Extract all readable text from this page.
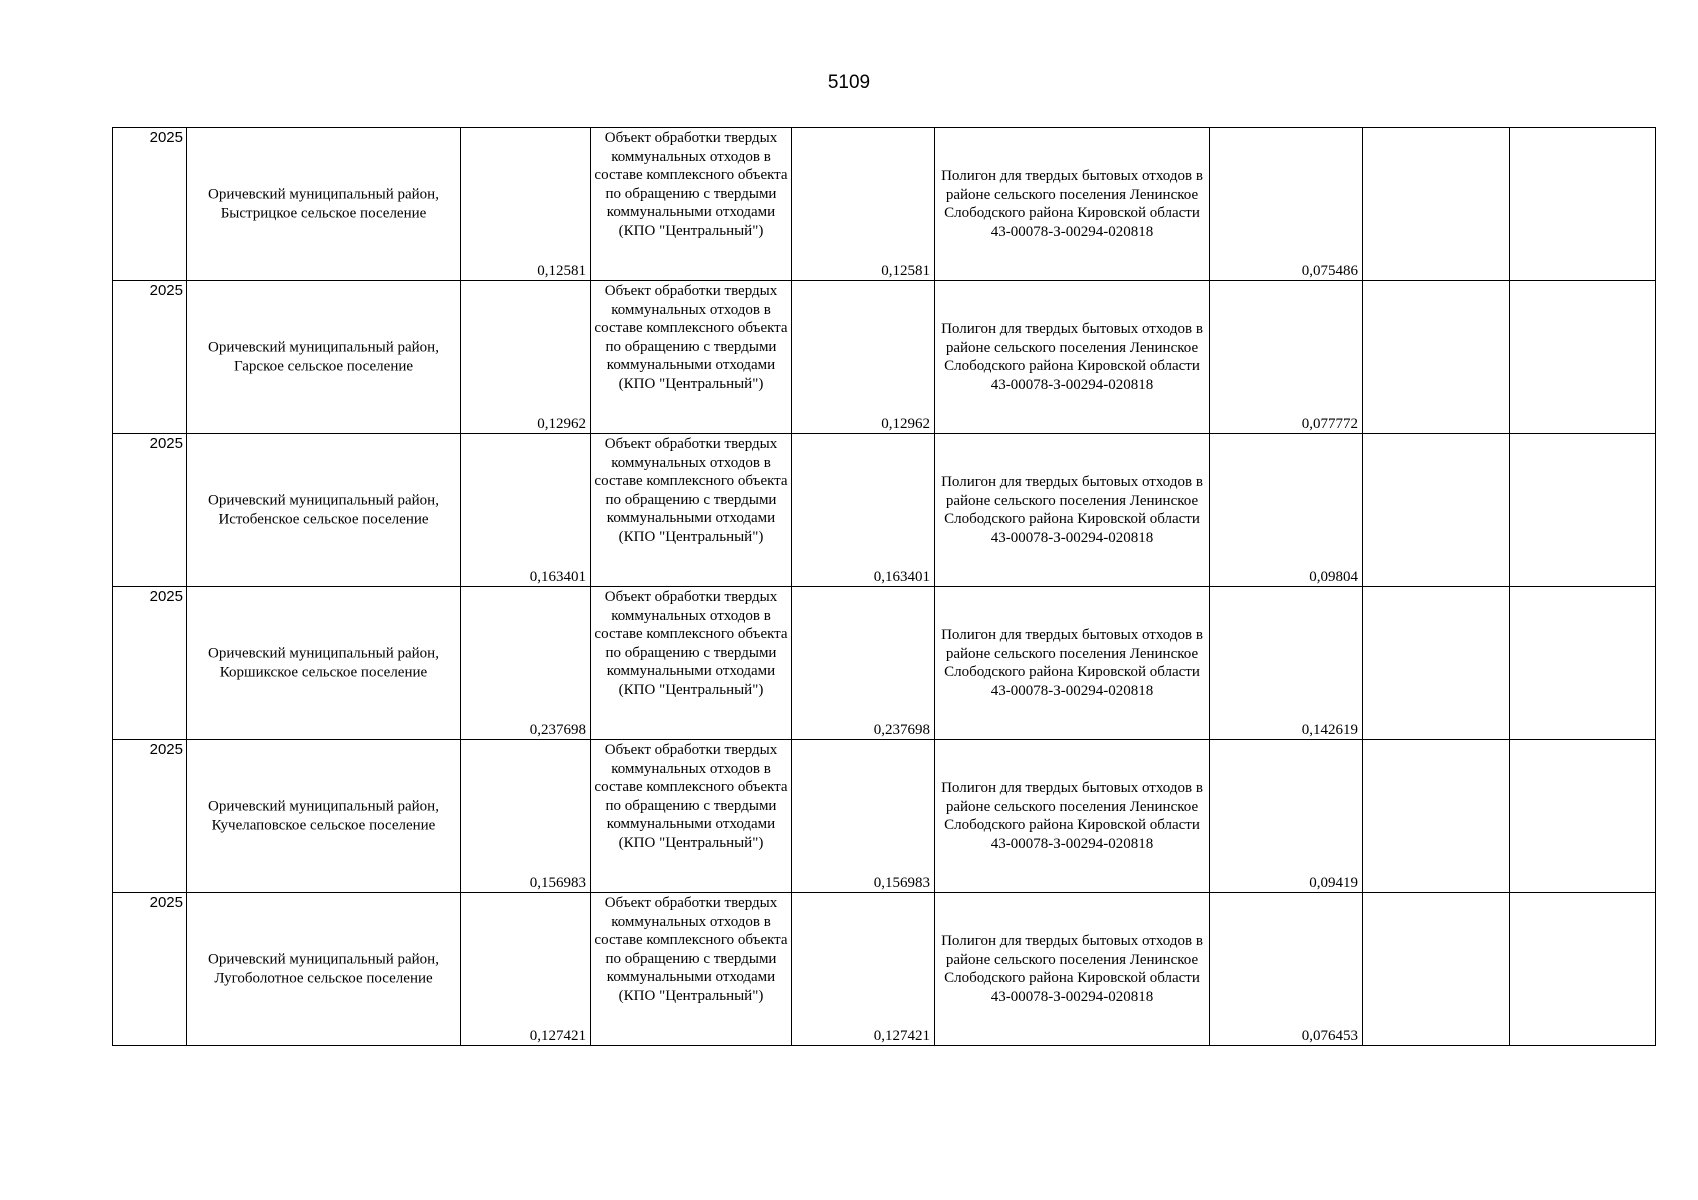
5109
2025	Оричевский муниципальный район, Быстрицкое сельское поселение	0,12581	Объект обработки твердых коммунальных отходов в составе комплексного объекта по обращению с твердыми коммунальными отходами (КПО "Центральный")	0,12581	Полигон для твердых бытовых отходов в районе сельского поселения Ленинское Слободского района Кировской области 43-00078-З-00294-020818	0,075486		

2025	Оричевский муниципальный район, Гарское сельское поселение	0,12962	Объект обработки твердых коммунальных отходов в составе комплексного объекта по обращению с твердыми коммунальными отходами (КПО "Центральный")	0,12962	Полигон для твердых бытовых отходов в районе сельского поселения Ленинское Слободского района Кировской области 43-00078-З-00294-020818	0,077772		

2025	Оричевский муниципальный район, Истобенское сельское поселение	0,163401	Объект обработки твердых коммунальных отходов в составе комплексного объекта по обращению с твердыми коммунальными отходами (КПО "Центральный")	0,163401	Полигон для твердых бытовых отходов в районе сельского поселения Ленинское Слободского района Кировской области 43-00078-З-00294-020818	0,09804		

2025	Оричевский муниципальный район, Коршикское сельское поселение	0,237698	Объект обработки твердых коммунальных отходов в составе комплексного объекта по обращению с твердыми коммунальными отходами (КПО "Центральный")	0,237698	Полигон для твердых бытовых отходов в районе сельского поселения Ленинское Слободского района Кировской области 43-00078-З-00294-020818	0,142619		

2025	Оричевский муниципальный район, Кучелаповское сельское поселение	0,156983	Объект обработки твердых коммунальных отходов в составе комплексного объекта по обращению с твердыми коммунальными отходами (КПО "Центральный")	0,156983	Полигон для твердых бытовых отходов в районе сельского поселения Ленинское Слободского района Кировской области 43-00078-З-00294-020818	0,09419		

2025	Оричевский муниципальный район, Лугоболотное сельское поселение	0,127421	Объект обработки твердых коммунальных отходов в составе комплексного объекта по обращению с твердыми коммунальными отходами (КПО "Центральный")	0,127421	Полигон для твердых бытовых отходов в районе сельского поселения Ленинское Слободского района Кировской области 43-00078-З-00294-020818	0,076453		
